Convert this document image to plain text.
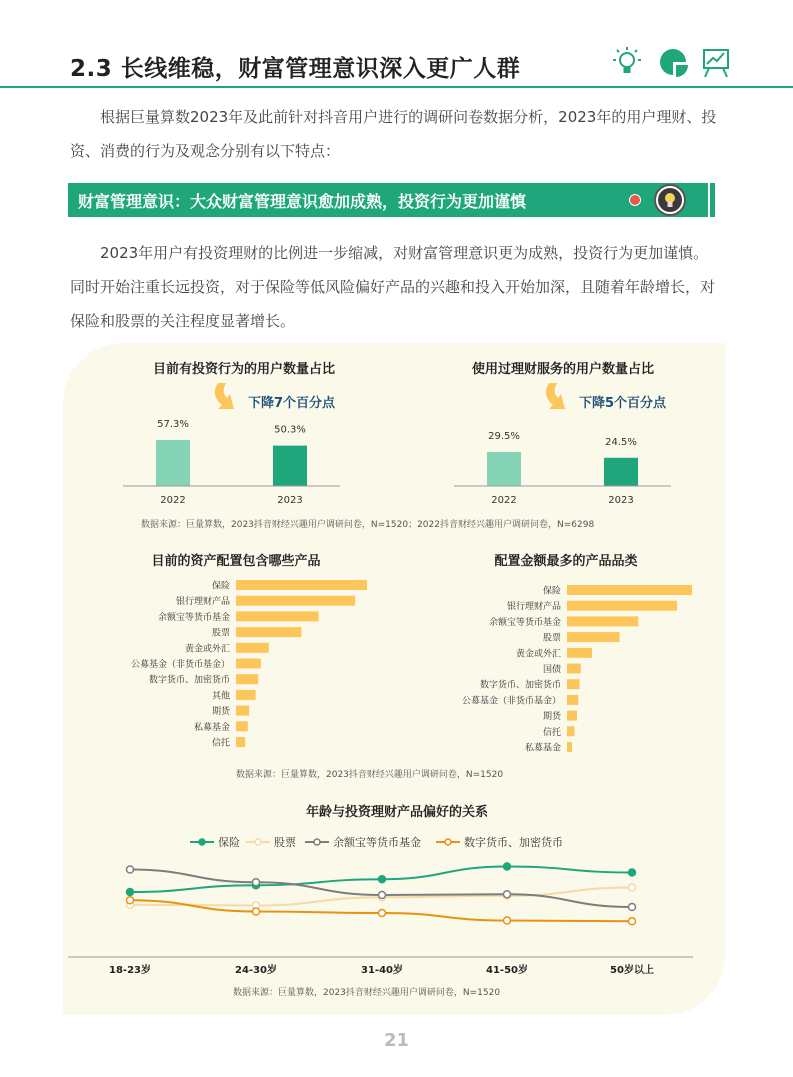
2.3 长线维稳，财富管理意识深入更广人群

根据巨量算数2023年及此前针对抖音用户进行的调研问卷数据分析，2023年的用户理财、投资、消费的行为及观念分别有以下特点：

财富管理意识：大众财富管理意识愈加成熟，投资行为更加谨慎

2023年用户有投资理财的比例进一步缩减，对财富管理意识更为成熟，投资行为更加谨慎。同时开始注重长远投资，对于保险等低风险偏好产品的兴趣和投入开始加深，且随着年龄增长，对保险和股票的关注程度显著增长。

目前有投资行为的用户数量占比
下降7个百分点
57.3%
2022
50.3%
2023
使用过理财服务的用户数量占比
下降5个百分点
29.5%
2022
24.5%
2023
数据来源：巨量算数，2023抖音财经兴趣用户调研问卷，N=1520；2022抖音财经兴趣用户调研问卷，N=6298
目前的资产配置包含哪些产品
保险
银行理财产品
余额宝等货币基金
股票
黄金或外汇
公募基金（非货币基金）
数字货币、加密货币
其他
期货
私募基金
信托
配置金额最多的产品品类
保险
银行理财产品
余额宝等货币基金
股票
黄金或外汇
国债
数字货币、加密货币
公募基金（非货币基金）
期货
信托
私募基金
数据来源：巨量算数，2023抖音财经兴趣用户调研问卷，N=1520
年龄与投资理财产品偏好的关系
保险	股票	余额宝等货币基金	数字货币、加密货币
18-23岁	24-30岁	31-40岁	41-50岁	50岁以上
数据来源：巨量算数，2023抖音财经兴趣用户调研问卷，N=1520
21
